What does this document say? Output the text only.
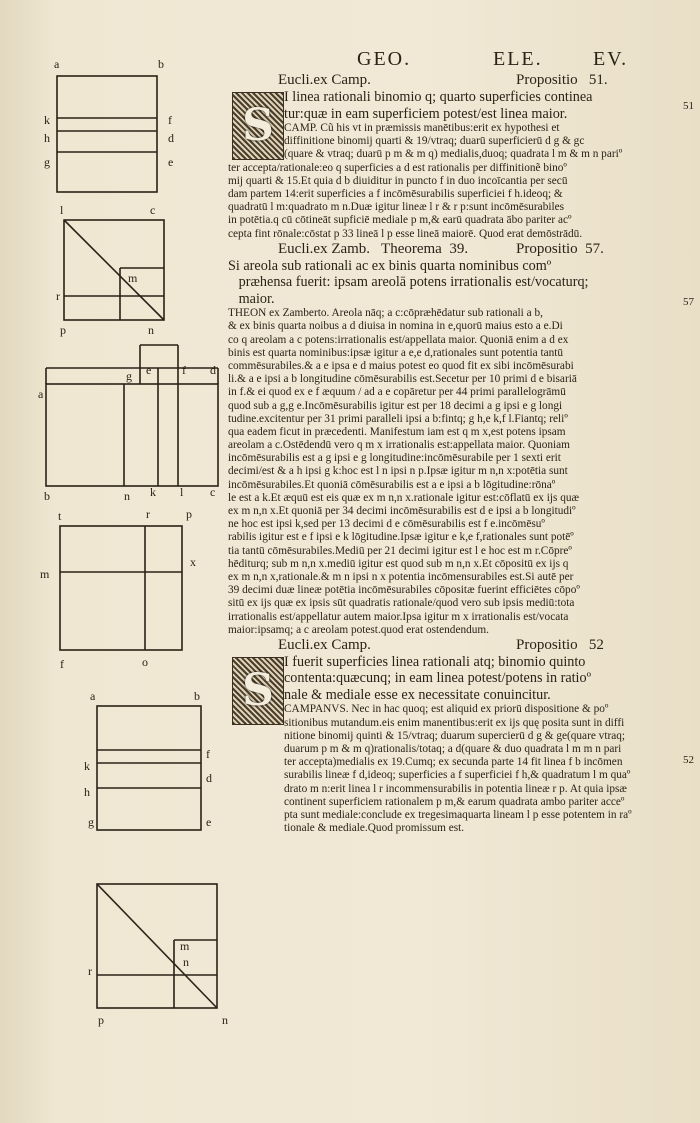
GEO.	ELE.	EV.
51
57
52
Eucli.ex Camp.	Propositio   51.
S
I linea rationali binomio q; quarto superficies continea
tur:quæ in eam superficiem potest/est linea maior.
CAMP. Cũ his vt in præmissis manētibus:erit ex hypothesi et
diffinitione binomij quarti & 19/vtraq; duarū superficierū d g & gc
(quare & vtraq; duarū p m & m q) medialis,duoq; quadrata l m & m n pariº
ter accepta/rationale:eo q superficies a d est rationalis per diffinitionẽ binoº
mij quarti & 15.Et quia d b diuiditur in puncto f in duo incoīcantia per secū
dam partem 14:erit superficies a f incōmēsurabilis superficiei f h.ideoq; &
quadratū l m:quadrato m n.Duæ igitur lineæ l r & r p:sunt incōmēsurabiles
in potētia.q cū cōtineāt supficiē mediale p m,& earū quadrata ābo pariter acº
cepta fint rōnale:cōstat p 33 lineā l p esse lineā maiorē. Quod erat demōstrādū.
Eucli.ex Zamb.   Theorema  39.	Propositio  57.
Si areola sub rationali ac ex binis quarta nominibus comº
præhensa fuerit: ipsam areolā potens irrationalis est/vocaturq;
maior.
THEON ex Zamberto. Areola nāq; a c:cōpræhēdatur sub rationali a b,
& ex binis quarta noibus a d diuisa in nomina in e,quorū maius esto a e.Di
co q areolam a c potens:irrationalis est/appellata maior. Quoniā enim a d ex
binis est quarta nominibus:ipsæ igitur a e,e d,rationales sunt potentia tantū
commēsurabiles.& a e ipsa e d maius potest eo quod fit ex sibi incōmēsurabi
li.& a e ipsi a b longitudine cōmēsurabilis est.Secetur per 10 primi d e bisariā
in f.& ei quod ex e f æquum / ad a e copāretur per 44 primi parallelogrāmū
quod sub a g,g e.Incōmēsurabilis igitur est per 18 decimi a g ipsi e g longi
tudine.excitentur per 31 primi paralleli ipsi a b:fintq; g h,e k,f l.Fiantq; reliº
qua eadem ficut in præcedenti. Manifestum iam est q m x,est potens ipsam
areolam a c.Ostēdendū vero q m x irrationalis est:appellata maior. Quoniam
incōmēsurabilis est a g ipsi e g longitudine:incōmēsurabile per 1 sexti erit
decimi/est & a h ipsi g k:hoc est l n ipsi n p.Ipsæ igitur m n,n x:potētia sunt
incōmēsurabiles.Et quoniā cōmēsurabilis est a e ipsi a b lōgitudine:rōnaº
le est a k.Et æquū est eis quæ ex m n,n x.rationale igitur est:cōflatū ex ijs quæ
ex m n,n x.Et quoniā per 34 decimi incōmēsurabilis est d e ipsi a b longitudiº
ne hoc est ipsi k,sed per 13 decimi d e cōmēsurabilis est f e.incōmēsuº
rabilis igitur est e f ipsi e k lōgitudine.Ipsæ igitur e k,e f,rationales sunt potēº
tia tantū cōmēsurabiles.Mediū per 21 decimi igitur est l e hoc est m r.Cōpreº
hēditurq; sub m n,n x.mediū igitur est quod sub m n,n x.Et cōpositū ex ijs q
ex m n,n x,rationale.& m n ipsi n x potentia incōmensurabiles est.Si autē per
39 decimi duæ lineæ potētia incōmēsurabiles cōpositæ fuerint efficiētes cōpoº
sitū ex ijs quæ ex ipsis sūt quadratis rationale/quod vero sub ipsis mediū:tota
irrationalis est/appellatur autem maior.Ipsa igitur m x irrationalis est/vocata
maior:ipsamq; a c areolam potest.quod erat ostendendum.
Eucli.ex Camp.	Propositio   52
S
I fuerit superficies linea rationali atq; binomio quinto
contenta:quæcunq; in eam linea potest/potens in ratioº
nale & mediale esse ex necessitate conuincitur.
CAMPANVS. Nec in hac quoq; est aliquid ex priorū dispositione & poº
sitionibus mutandum.eis enim manentibus:erit ex ijs quę posita sunt in diffi
nitione binomij quinti & 15/vtraq; duarum supercierū d g & ge(quare vtraq;
duarum p m & m q)rationalis/totaq; a d(quare & duo quadrata l m m n pari
ter accepta)medialis ex 19.Cumq; ex secunda parte 14 fit linea f b incōmen
surabilis lineæ f d,ideoq; superficies a f superficiei f h,& quadratum l m quaº
drato m n:erit linea l r incommensurabilis in potentia lineæ r p. At quia ipsæ
continent superficiem rationalem p m,& earum quadrata ambo pariter acceº
pta sunt mediale:conclude ex tregesimaquarta lineam l p esse potentem in raº
tionale & mediale.Quod promissum est.
a	b
k	f
h	d
g	e
l	c
m
r
p	n
g e	f d
a
b	n k l c
t	r	p
m
x
f	o
a	b
k
f
h
d
g	e
m
n
r
p	n
